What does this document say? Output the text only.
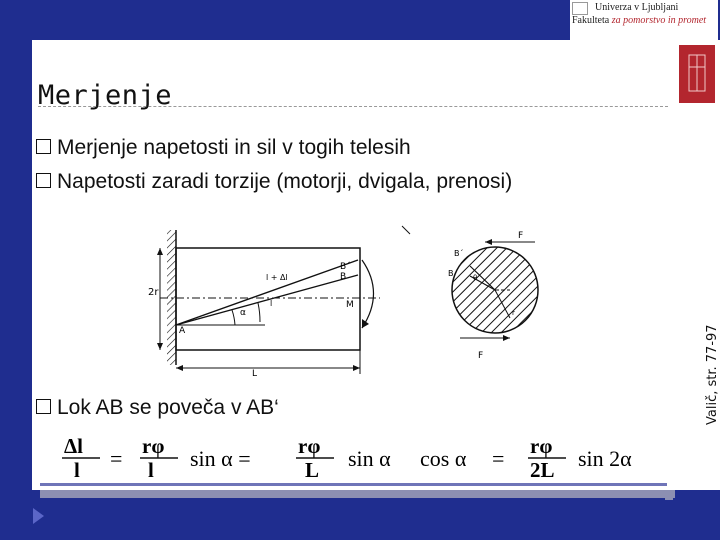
Univerza v Ljubljani
Fakulteta za pomorstvo in promet
Merjenje
Merjenje napetosti in sil v togih telesih
Napetosti zaradi torzije (motorji, dvigala, prenosi)
2r
A
B´
B
α
l
l + Δl
M
L
F
F
B´
B	θ
r
Lok AB se poveča v AB‘
Δl
l
rφ
l
rφ
L
rφ
2L
=	sin α =	sin α cos α =	sin 2α
Valič, str. 77-97
